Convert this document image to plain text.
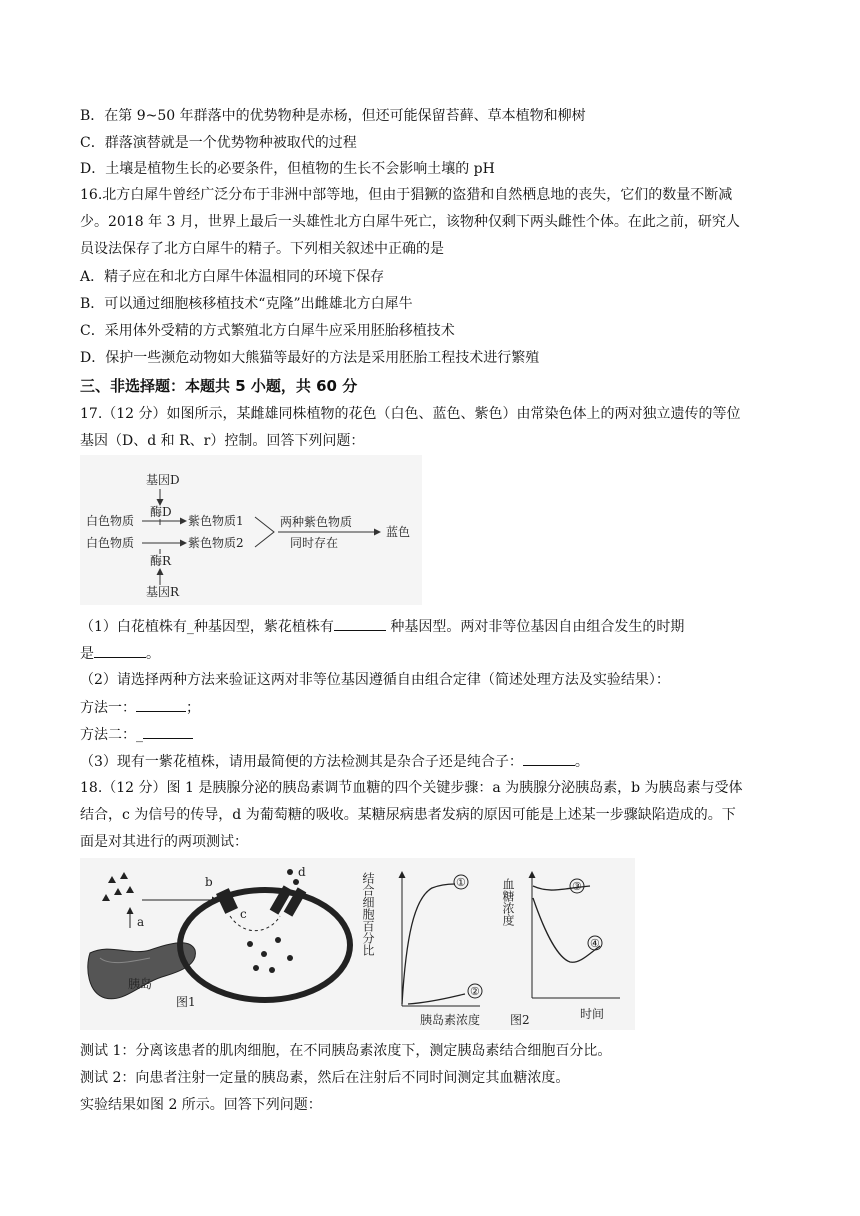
B．在第 9~50 年群落中的优势物种是赤杨，但还可能保留苔藓、草本植物和柳树
C．群落演替就是一个优势物种被取代的过程
D．土壤是植物生长的必要条件，但植物的生长不会影响土壤的 pH
16.北方白犀牛曾经广泛分布于非洲中部等地，但由于猖獗的盗猎和自然栖息地的丧失，它们的数量不断减
少。2018 年 3 月，世界上最后一头雄性北方白犀牛死亡，该物种仅剩下两头雌性个体。在此之前，研究人
员设法保存了北方白犀牛的精子。下列相关叙述中正确的是
A．精子应在和北方白犀牛体温相同的环境下保存
B．可以通过细胞核移植技术“克隆”出雌雄北方白犀牛
C．采用体外受精的方式繁殖北方白犀牛应采用胚胎移植技术
D．保护一些濒危动物如大熊猫等最好的方法是采用胚胎工程技术进行繁殖
三、非选择题：本题共 5 小题，共 60 分
17.（12 分）如图所示，某雌雄同株植物的花色（白色、蓝色、紫色）由常染色体上的两对独立遗传的等位
基因（D、d 和 R、r）控制。回答下列问题：
基因D
酶D
白色物质	紫色物质1
白色物质	紫色物质2
酶R
基因R
两种紫色物质
同时存在
蓝色
（1）白花植株有_种基因型，紫花植株有	种基因型。两对非等位基因自由组合发生的时期
是	。
（2）请选择两种方法来验证这两对非等位基因遵循自由组合定律（简述处理方法及实验结果）：
方法一：	；
方法二：_
（3）现有一紫花植株，请用最简便的方法检测其是杂合子还是纯合子：	。
18.（12 分）图 1 是胰腺分泌的胰岛素调节血糖的四个关键步骤：a 为胰腺分泌胰岛素，b 为胰岛素与受体
结合，c 为信号的传导，d 为葡萄糖的吸收。某糖尿病患者发病的原因可能是上述某一步骤缺陷造成的。下
面是对其进行的两项测试：
a
胰岛
b
c
d
图1
结合细胞百分比	①
②
胰岛素浓度
血糖浓度	③
④
时间
图2
测试 1：分离该患者的肌肉细胞，在不同胰岛素浓度下，测定胰岛素结合细胞百分比。
测试 2：向患者注射一定量的胰岛素，然后在注射后不同时间测定其血糖浓度。
实验结果如图 2 所示。回答下列问题：
